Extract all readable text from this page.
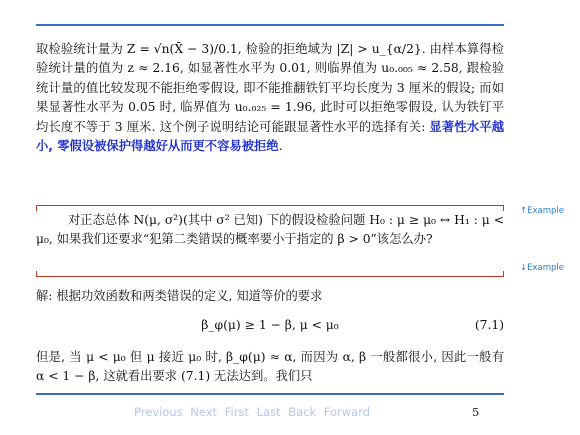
取检验统计量为 Z = √n(X̄ − 3)/0.1, 检验的拒绝域为 |Z| > u_{α/2}. 由样本算得检验统计量的值为 z ≈ 2.16, 如显著性水平为 0.01, 则临界值为 u₀.₀₀₅ ≈ 2.58, 跟检验统计量的值比较发现不能拒绝零假设, 即不能推翻铁钉平均长度为 3 厘米的假设; 而如果显著性水平为 0.05 时, 临界值为 u₀.₀₂₅ = 1.96, 此时可以拒绝零假设, 认为铁钉平均长度不等于 3 厘米. 这个例子说明结论可能跟显著性水平的选择有关: 显著性水平越小, 零假设被保护得越好从而更不容易被拒绝.
对正态总体 N(μ, σ²)(其中 σ² 已知) 下的假设检验问题 H₀ : μ ≥ μ₀ ↔ H₁ : μ < μ₀, 如果我们还要求“犯第二类错误的概率要小于指定的 β > 0”该怎么办?
↑Example
↓Example
解: 根据功效函数和两类错误的定义, 知道等价的要求
β_φ(μ) ≥ 1 − β, μ < μ₀	(7.1)
但是, 当 μ < μ₀ 但 μ 接近 μ₀ 时, β_φ(μ) ≈ α, 而因为 α, β 一般都很小, 因此一般有 α < 1 − β, 这就看出要求 (7.1) 无法达到。我们只
Previous Next First Last Back Forward	5
